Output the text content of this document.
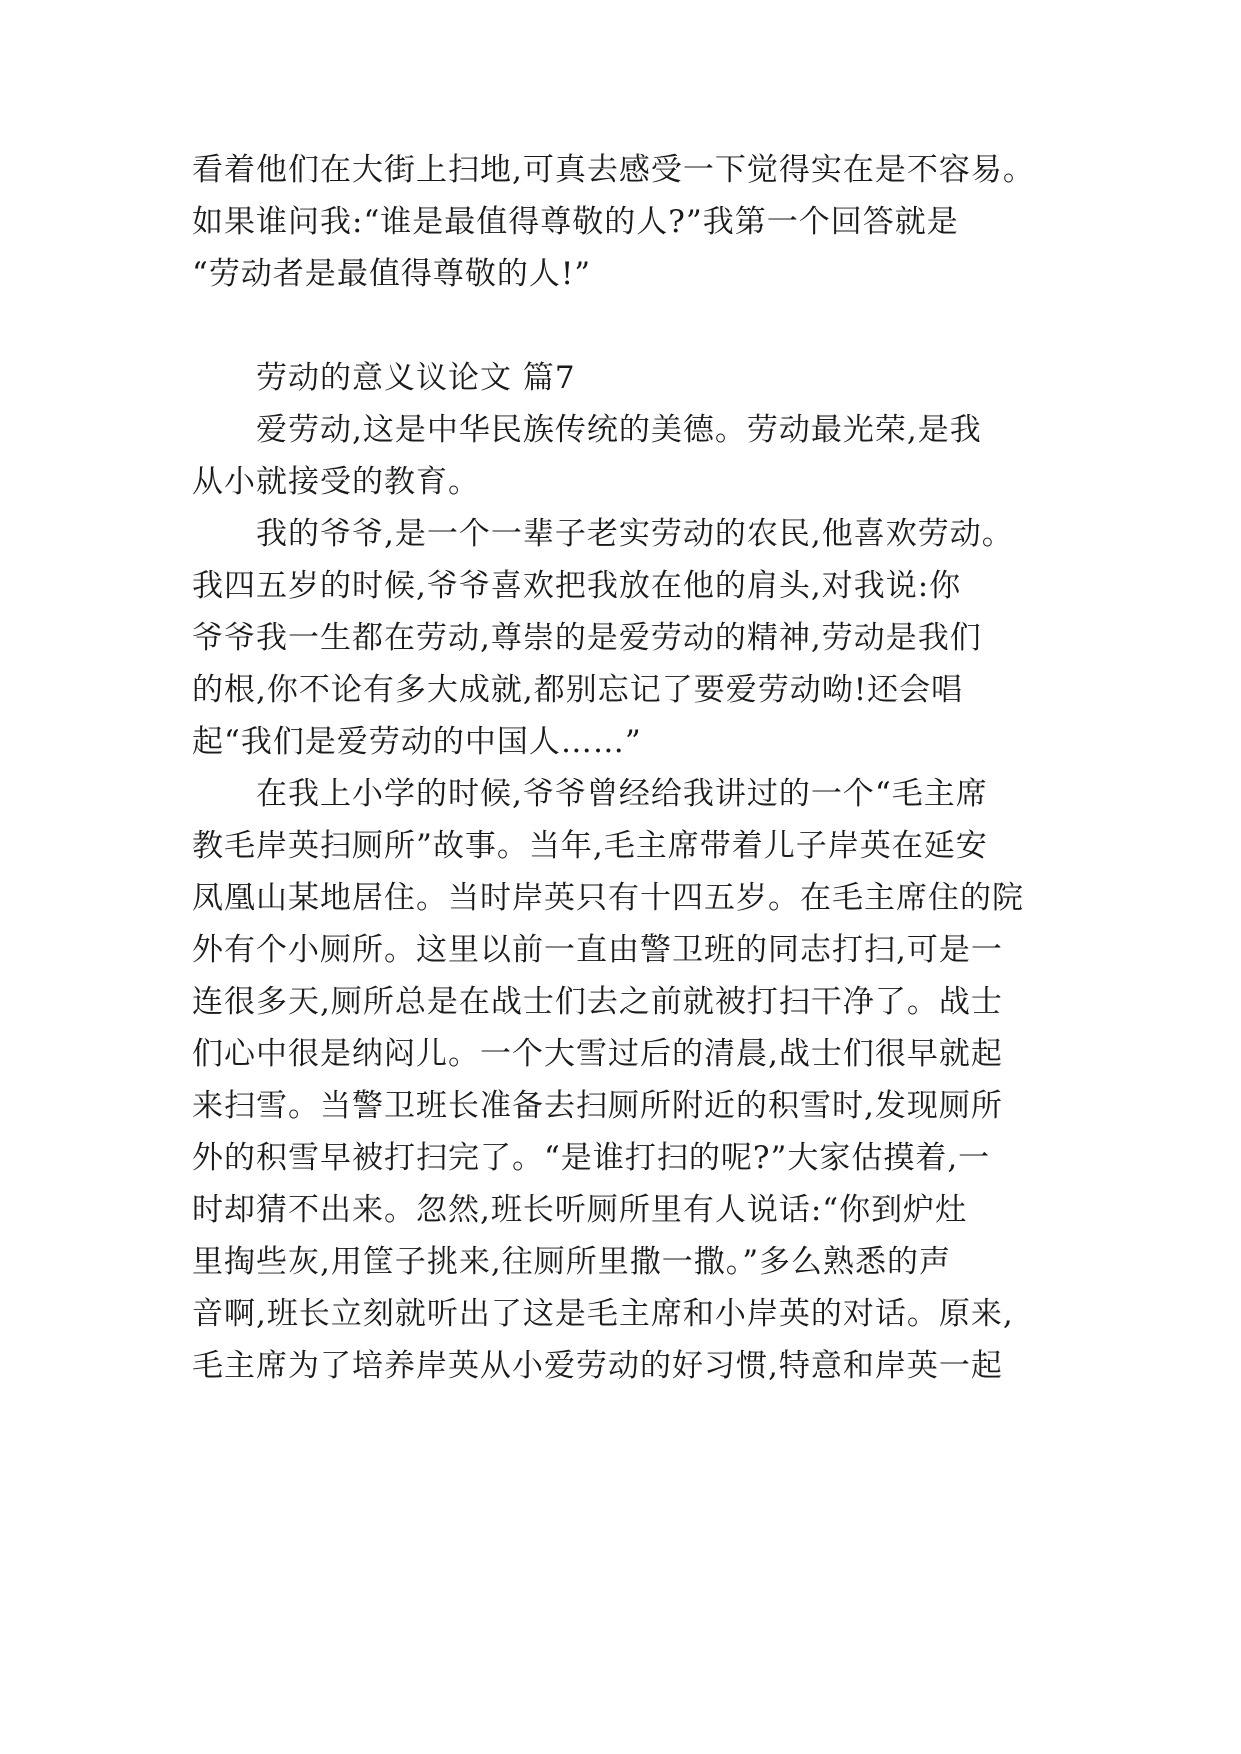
看着他们在大街上扫地,可真去感受一下觉得实在是不容易。
如果谁问我:“谁是最值得尊敬的人?”我第一个回答就是
“劳动者是最值得尊敬的人!”
劳动的意义议论文 篇7
爱劳动,这是中华民族传统的美德。劳动最光荣,是我
从小就接受的教育。
我的爷爷,是一个一辈子老实劳动的农民,他喜欢劳动。
我四五岁的时候,爷爷喜欢把我放在他的肩头,对我说:你
爷爷我一生都在劳动,尊崇的是爱劳动的精神,劳动是我们
的根,你不论有多大成就,都别忘记了要爱劳动呦!还会唱
起“我们是爱劳动的中国人……”
在我上小学的时候,爷爷曾经给我讲过的一个“毛主席
教毛岸英扫厕所”故事。当年,毛主席带着儿子岸英在延安
凤凰山某地居住。当时岸英只有十四五岁。在毛主席住的院
外有个小厕所。这里以前一直由警卫班的同志打扫,可是一
连很多天,厕所总是在战士们去之前就被打扫干净了。战士
们心中很是纳闷儿。一个大雪过后的清晨,战士们很早就起
来扫雪。当警卫班长准备去扫厕所附近的积雪时,发现厕所
外的积雪早被打扫完了。“是谁打扫的呢?”大家估摸着,一
时却猜不出来。忽然,班长听厕所里有人说话:“你到炉灶
里掏些灰,用筐子挑来,往厕所里撒一撒。”多么熟悉的声
音啊,班长立刻就听出了这是毛主席和小岸英的对话。原来,
毛主席为了培养岸英从小爱劳动的好习惯,特意和岸英一起
